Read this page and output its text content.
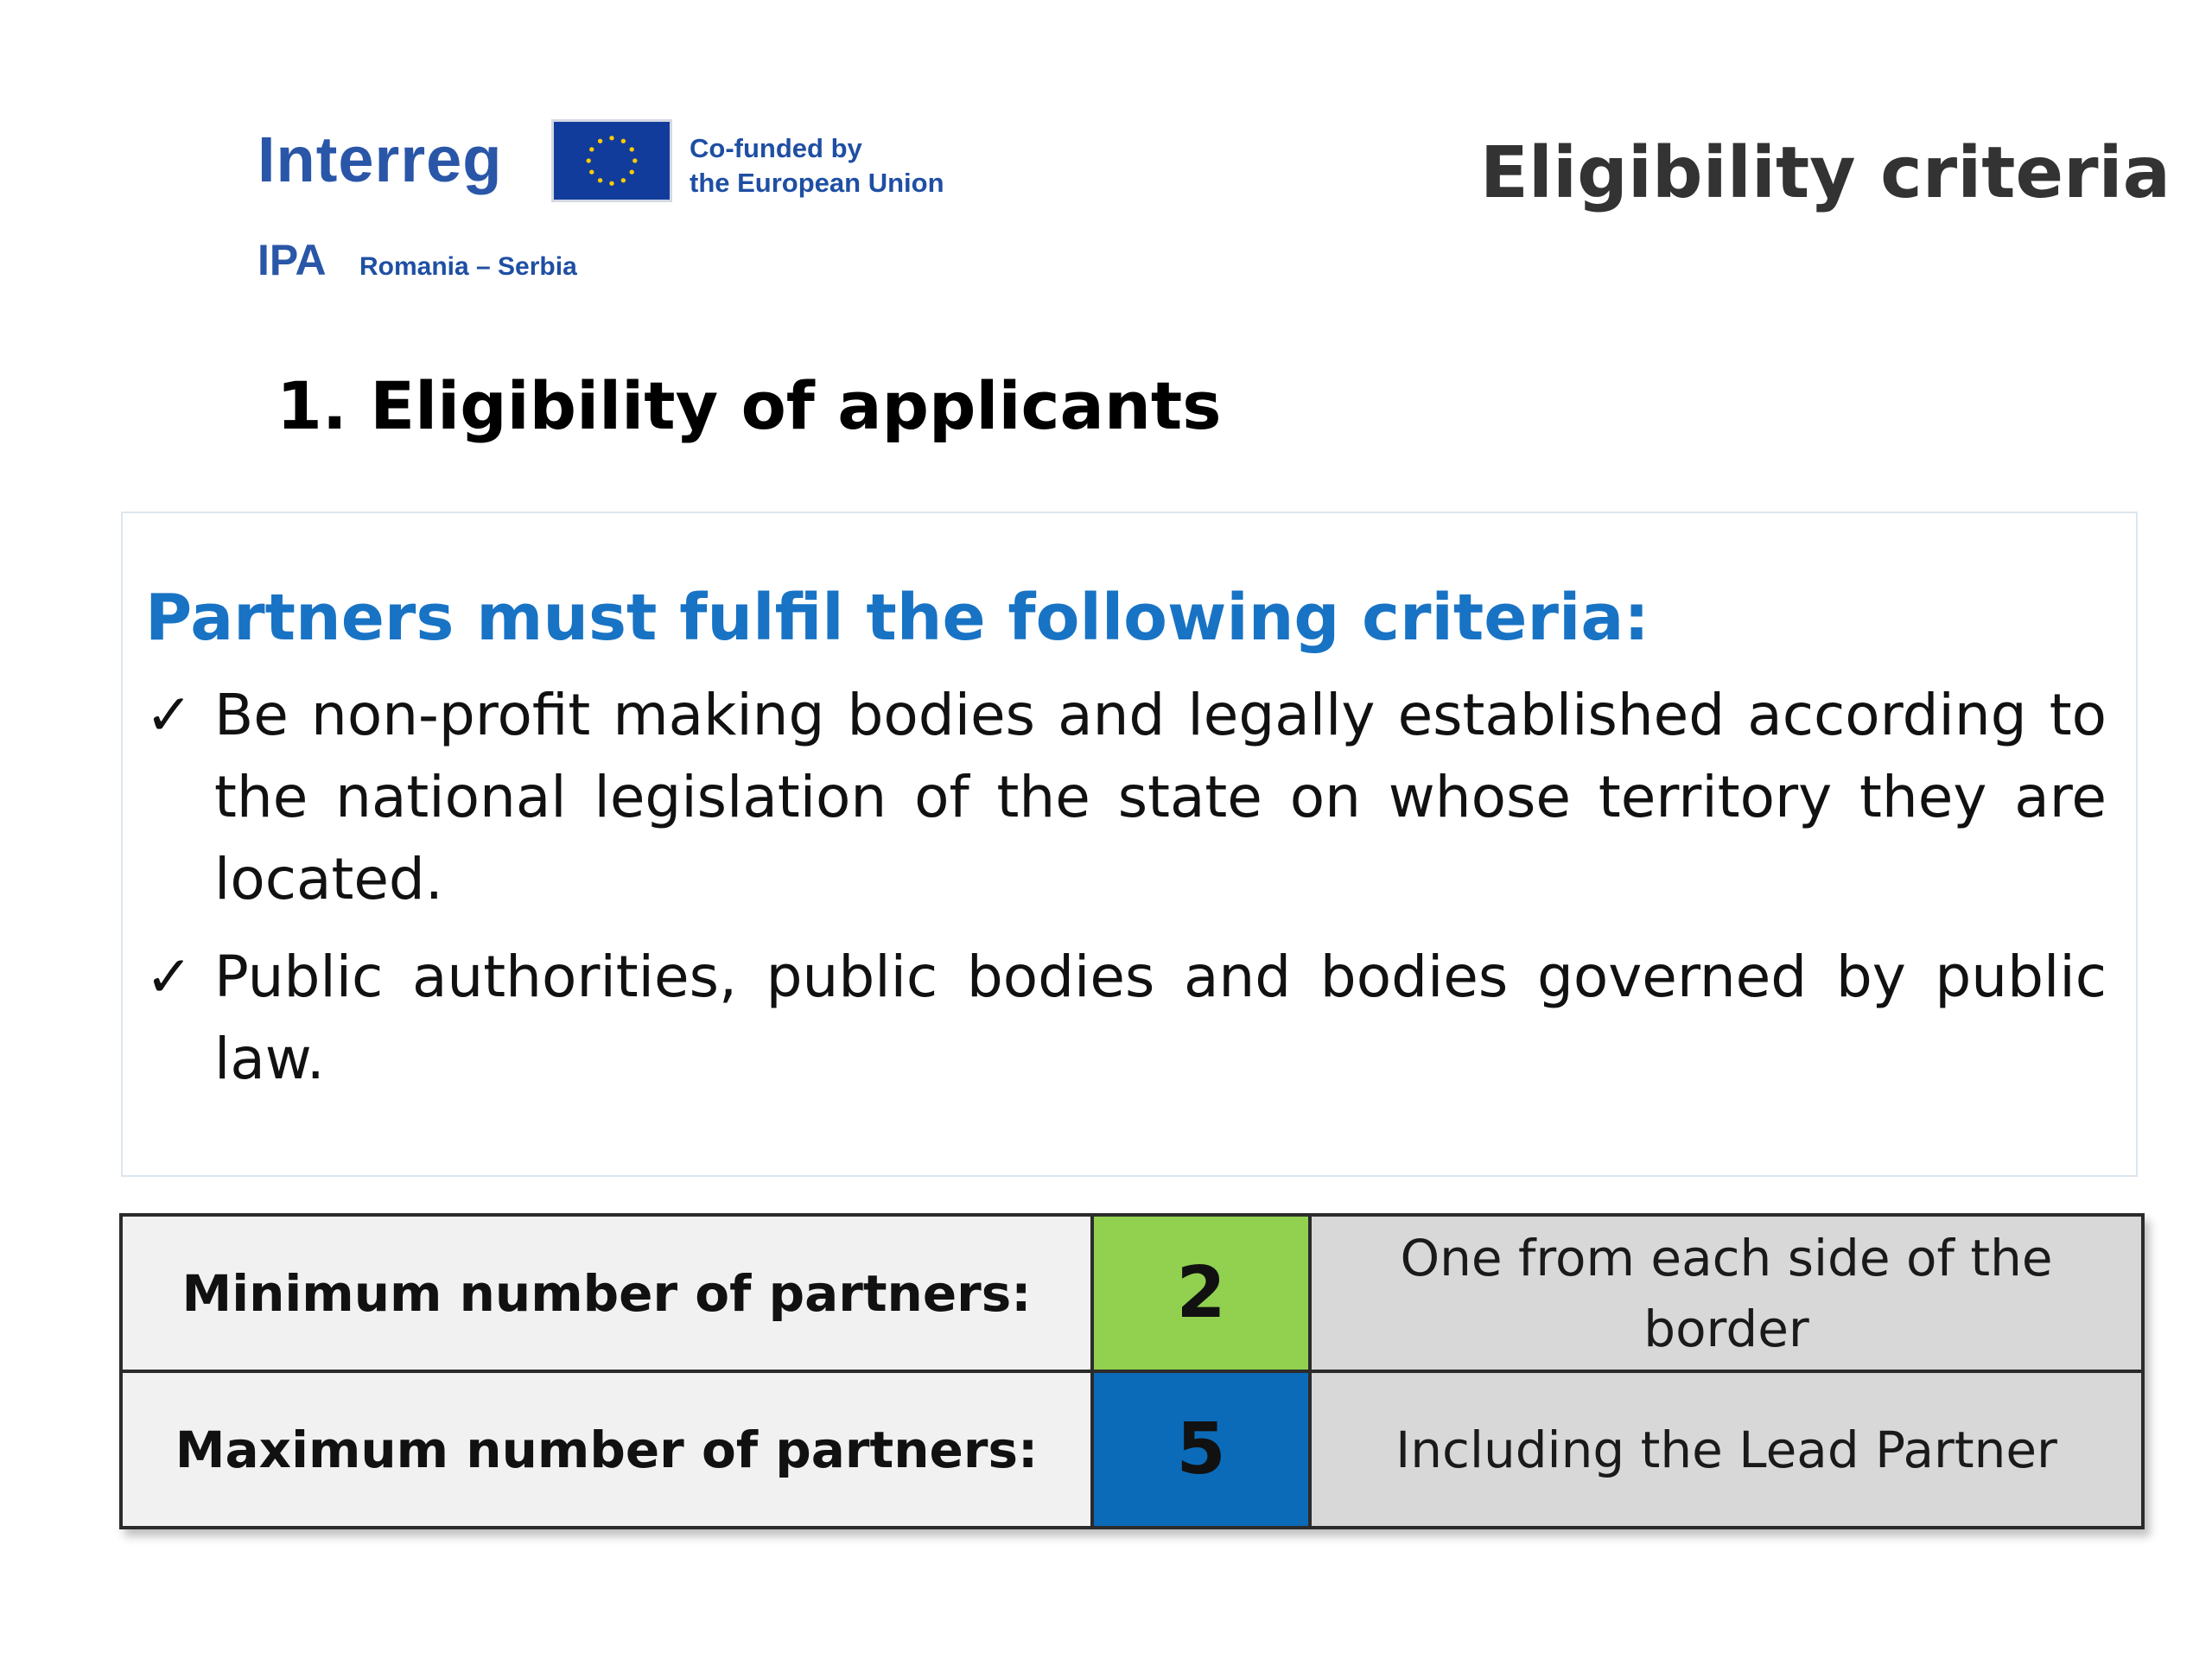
Interreg	Co-funded by
the European Union
IPA Romania – Serbia
Eligibility criteria
1. Eligibility of applicants
Partners must fulfil the following criteria:
✓ Be non-profit making bodies and legally established according to the national legislation of the state on whose territory they are located.
✓ Public authorities, public bodies and bodies governed by public law.
Minimum number of partners:	2	One from each side of the border
Maximum number of partners:	5	Including the Lead Partner
